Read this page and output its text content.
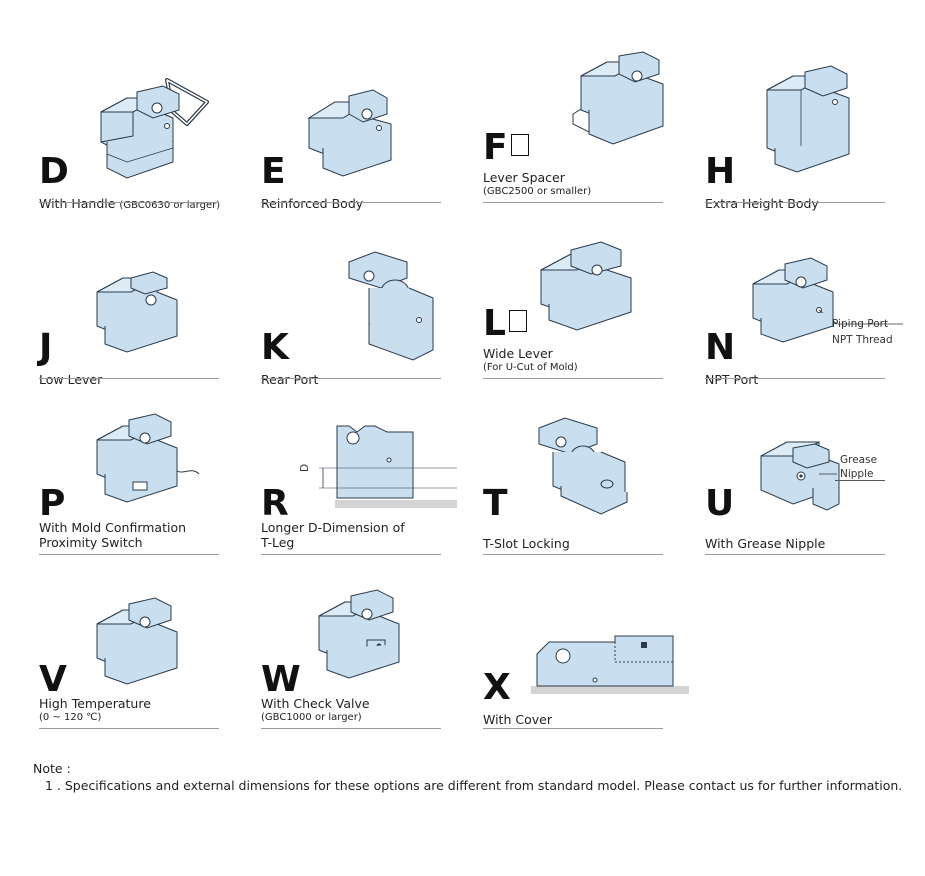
D
With Handle (GBC0630 or larger)
E
Reinforced Body
F
Lever Spacer
(GBC2500 or smaller)	H
Extra Height Body
J
Low Lever
K
Rear Port
L
Wide Lever
(For U-Cut of Mold)
Piping Port
NPT Thread
N
NPT Port
P
With Mold Confirmation
Proximity Switch
D
R
Longer D-Dimension of
T-Leg
T
T-Slot Locking
Grease
Nipple
U
With Grease Nipple
V
High Temperature
(0 ~ 120 ℃)
W
With Check Valve
(GBC1000 or larger)
X
With Cover
Note :
1 . Specifications and external dimensions for these options are different from standard model. Please contact us for further information.
